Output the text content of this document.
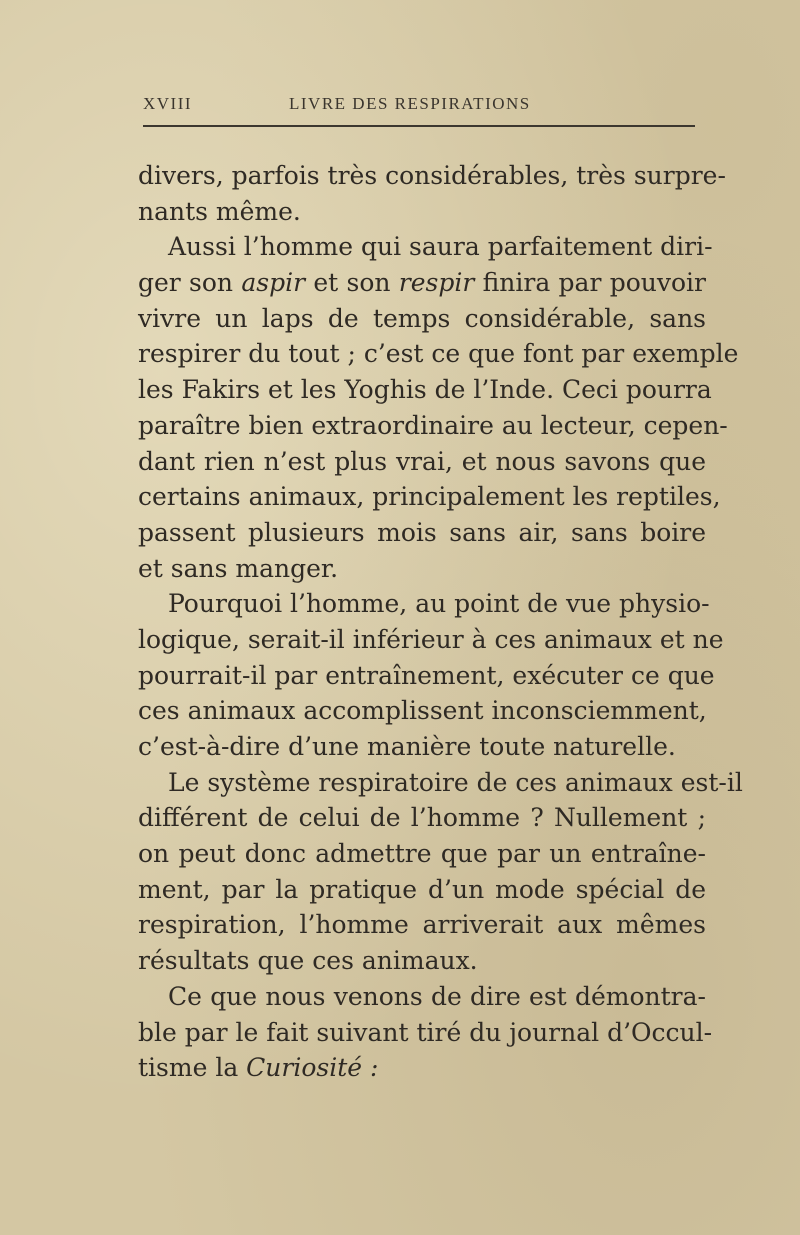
XVIII	LIVRE DES RESPIRATIONS
divers, parfois très considérables, très surpre-
nants même.
Aussi l’homme qui saura parfaitement diri-
ger son aspir et son respir finira par pouvoir
vivre un laps de temps considérable, sans
respirer du tout ; c’est ce que font par exemple
les Fakirs et les Yoghis de l’Inde. Ceci pourra
paraître bien extraordinaire au lecteur, cepen-
dant rien n’est plus vrai, et nous savons que
certains animaux, principalement les reptiles,
passent plusieurs mois sans air, sans boire
et sans manger.
Pourquoi l’homme, au point de vue physio-
logique, serait-il inférieur à ces animaux et ne
pourrait-il par entraînement, exécuter ce que
ces animaux accomplissent inconsciemment,
c’est-à-dire d’une manière toute naturelle.
Le système respiratoire de ces animaux est-il
différent de celui de l’homme ? Nullement ;
on peut donc admettre que par un entraîne-
ment, par la pratique d’un mode spécial de
respiration, l’homme arriverait aux mêmes
résultats que ces animaux.
Ce que nous venons de dire est démontra-
ble par le fait suivant tiré du journal d’Occul-
tisme la Curiosité :
